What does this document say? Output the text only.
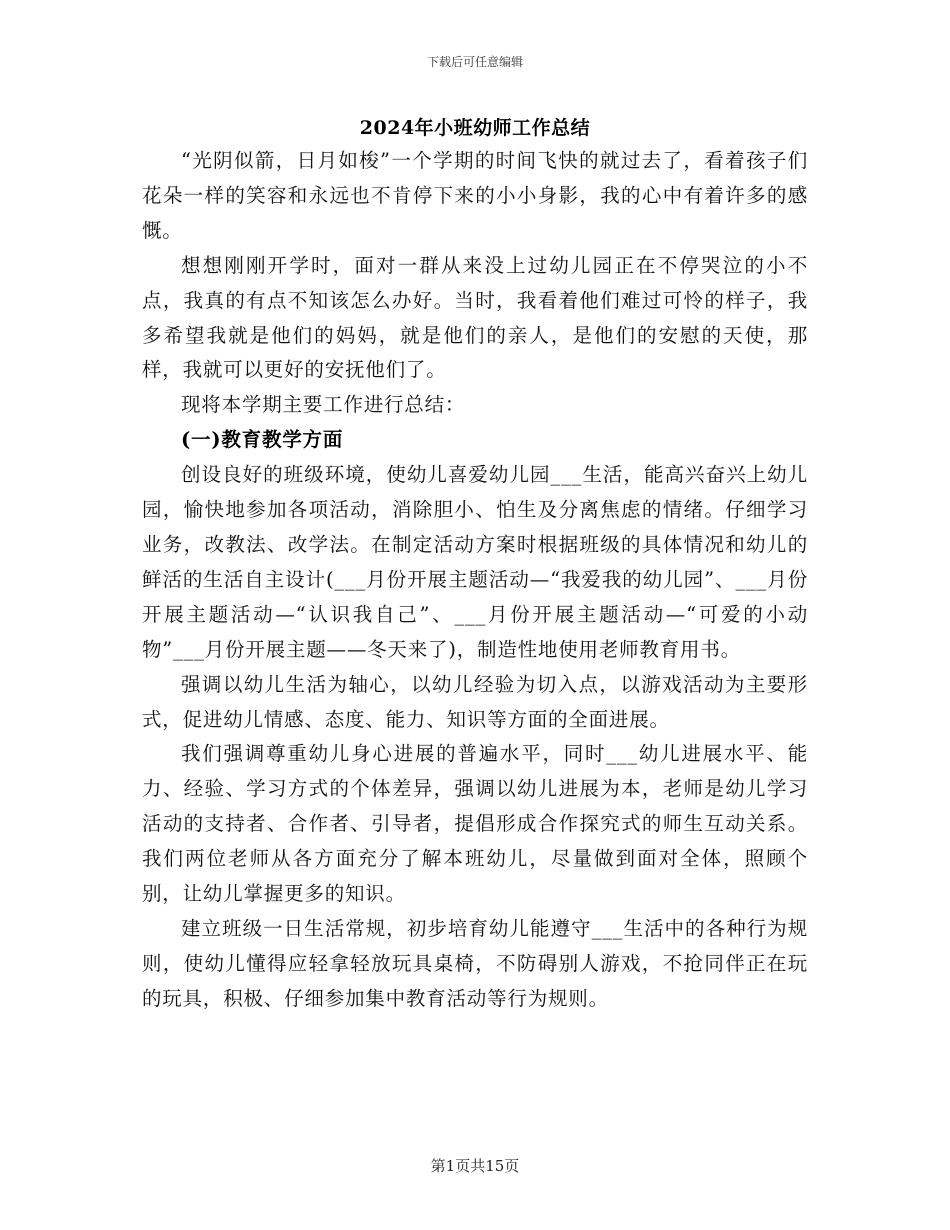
下载后可任意编辑
2024年小班幼师工作总结

“光阴似箭，日月如梭”一个学期的时间飞快的就过去了，看着孩子们花朵一样的笑容和永远也不肯停下来的小小身影，我的心中有着许多的感慨。

想想刚刚开学时，面对一群从来没上过幼儿园正在不停哭泣的小不点，我真的有点不知该怎么办好。当时，我看着他们难过可怜的样子，我多希望我就是他们的妈妈，就是他们的亲人，是他们的安慰的天使，那样，我就可以更好的安抚他们了。

现将本学期主要工作进行总结：

(一)教育教学方面

创设良好的班级环境，使幼儿喜爱幼儿园___生活，能高兴奋兴上幼儿园，愉快地参加各项活动，消除胆小、怕生及分离焦虑的情绪。仔细学习业务，改教法、改学法。在制定活动方案时根据班级的具体情况和幼儿的鲜活的生活自主设计(___月份开展主题活动—“我爱我的幼儿园”、___月份开展主题活动—“认识我自己”、___月份开展主题活动—“可爱的小动物”___月份开展主题——冬天来了)，制造性地使用老师教育用书。

强调以幼儿生活为轴心，以幼儿经验为切入点，以游戏活动为主要形式，促进幼儿情感、态度、能力、知识等方面的全面进展。

我们强调尊重幼儿身心进展的普遍水平，同时___幼儿进展水平、能力、经验、学习方式的个体差异，强调以幼儿进展为本，老师是幼儿学习活动的支持者、合作者、引导者，提倡形成合作探究式的师生互动关系。我们两位老师从各方面充分了解本班幼儿，尽量做到面对全体，照顾个别，让幼儿掌握更多的知识。

建立班级一日生活常规，初步培育幼儿能遵守___生活中的各种行为规则，使幼儿懂得应轻拿轻放玩具桌椅，不防碍别人游戏，不抢同伴正在玩的玩具，积极、仔细参加集中教育活动等行为规则。

第1页共15页
